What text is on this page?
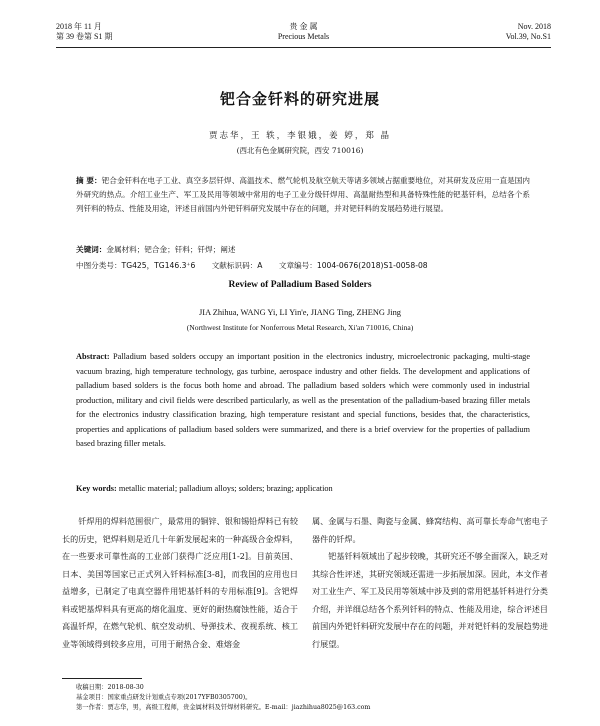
2018 年 11 月
第 39 卷第 S1 期
贵 金 属
Precious Metals
Nov. 2018
Vol.39, No.S1
钯合金钎料的研究进展
贾志华，王 轶，李银娥，姜 婷，郑 晶
(西北有色金属研究院，西安 710016)
摘 要：钯合金钎料在电子工业、真空多层钎焊、高温技术、燃气轮机及航空航天等诸多领域占据重要地位，对其研发及应用一直是国内外研究的热点。介绍工业生产、军工及民用等领域中常用的电子工业分级钎焊用、高温耐热型和具备特殊性能的钯基钎料，总结各个系列钎料的特点、性能及用途，评述目前国内外钯钎料研究发展中存在的问题，并对钯钎料的发展趋势进行展望。
关键词：金属材料；钯合金；钎料；钎焊；阐述
中图分类号：TG425，TG146.3⁺6 文献标识码：A 文章编号：1004-0676(2018)S1-0058-08
Review of Palladium Based Solders
JIA Zhihua, WANG Yi, LI Yin'e, JIANG Ting, ZHENG Jing
(Northwest Institute for Nonferrous Metal Research, Xi'an 710016, China)
Abstract: Palladium based solders occupy an important position in the electronics industry, microelectronic packaging, multi-stage vacuum brazing, high temperature technology, gas turbine, aerospace industry and other fields. The development and applications of palladium based solders is the focus both home and abroad. The palladium based solders which were commonly used in industrial production, military and civil fields were described particularly, as well as the presentation of the palladium-based brazing filler metals for the electronics industry classification brazing, high temperature resistant and special functions, besides that, the characteristics, properties and applications of palladium based solders were summarized, and there is a brief overview for the properties of palladium based brazing filler metals.
Key words: metallic material; palladium alloys; solders; brazing; application

钎焊用的焊料范围很广，最常用的铜锌、银和锡铅焊料已有较长的历史，钯焊料则是近几十年新发展起来的一种高级合金焊料，在一些要求可靠性高的工业部门获得广泛应用[1-2]。目前英国、日本、美国等国家已正式列入钎料标准[3-8]，而我国的应用也日益增多，已制定了电真空器件用钯基钎料的专用标准[9]。含钯焊料或钯基焊料具有更高的熔化温度、更好的耐热腐蚀性能，适合于高温钎焊，在燃气轮机、航空发动机、导弹技术、夜视系统、核工业等领域得到较多应用，可用于耐热合金、难熔金

属、金属与石墨、陶瓷与金属、蜂窝结构、高可靠长寿命气密电子器件的钎焊。

钯基钎料领域出了起步较晚，其研究还不够全面深入，缺乏对其综合性评述，其研究领域还需进一步拓展加深。因此，本文作者对工业生产、军工及民用等领域中涉及到的常用钯基钎料进行分类介绍，并详细总结各个系列钎料的特点、性能及用途，综合评述目前国内外钯钎料研究发展中存在的问题，并对钯钎料的发展趋势进行展望。

收稿日期：2018-08-30
基金项目：国家重点研发计划重点专项(2017YFB0305700)。
第一作者：贾志华，男，高级工程师，贵金属材料及钎焊材料研究。E-mail：jiazhihua8025@163.com
